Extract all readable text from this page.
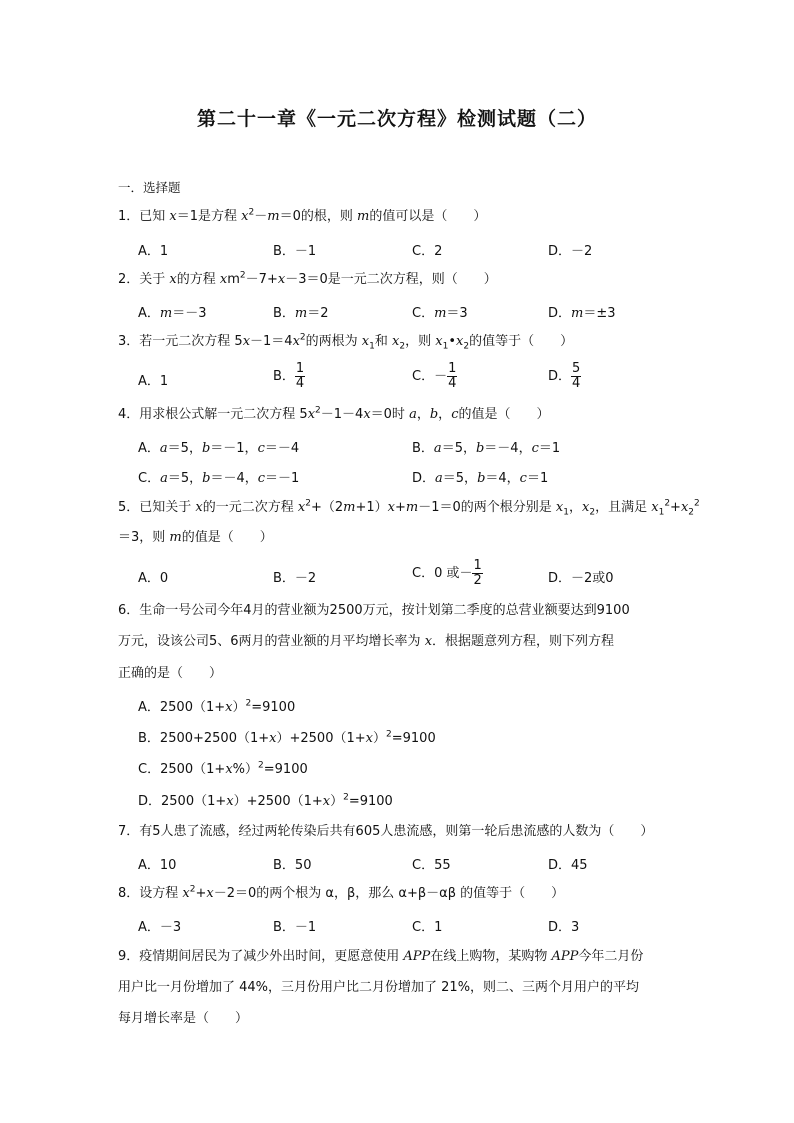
第二十一章《一元二次方程》检测试题（二）
一．选择题
1．已知 x＝1是方程 $x^2-m=0$的根，则 m的值可以是（　　）
A．1	B．－1	C．2	D．－2
2．关于 x的方程 $xm^2-7+x-3=0$是一元二次方程，则（　　）
A．m＝－3	B．m＝2	C．m＝3	D．m＝±3
3．若一元二次方程 $5x-1=4x^2$的两根为 $x_1$和 $x_2$，则 $x_1•x_2$的值等于（　　）
A．1	B． $\frac{1}{4}$	C．－ $\frac{1}{4}$	D． $\frac{5}{4}$
4．用求根公式解一元二次方程 $5x^2-1-4x=0$时 a，b，c的值是（　　）
A．a＝5，b＝－1，c＝－4	B．a＝5，b＝－4，c＝1
C．a＝5，b＝－4，c＝－1	D．a＝5，b＝4，c＝1
5．已知关于 x的一元二次方程 $x^2+(2m+1)x+m-1=0$的两个根分别是 $x_1$，$x_2$，且满足 $x_1^2+x_2^2$
＝3，则 m的值是（　　）
A．0	B．－2	C．0 或－ $\frac{1}{2}$	D．－2或0
6．生命一号公司今年4月的营业额为2500万元，按计划第二季度的总营业额要达到9100
万元，设该公司5、6两月的营业额的月平均增长率为 x．根据题意列方程，则下列方程
正确的是（　　）
A．$2500(1+x)^2=9100$
B．$2500+2500(1+x)+2500(1+x)^2=9100$
C．$2500(1+x\%)^2=9100$
D．$2500(1+x)+2500(1+x)^2=9100$
7．有5人患了流感，经过两轮传染后共有605人患流感，则第一轮后患流感的人数为（　　）
A．10	B．50	C．55	D．45
8．设方程 $x^2+x-2=0$的两个根为 α，β，那么 α+β－αβ 的值等于（　　）
A．－3	B．－1	C．1	D．3
9．疫情期间居民为了减少外出时间，更愿意使用 APP在线上购物，某购物 APP今年二月份
用户比一月份增加了 44%，三月份用户比二月份增加了 21%，则二、三两个月用户的平均
每月增长率是（　　）
